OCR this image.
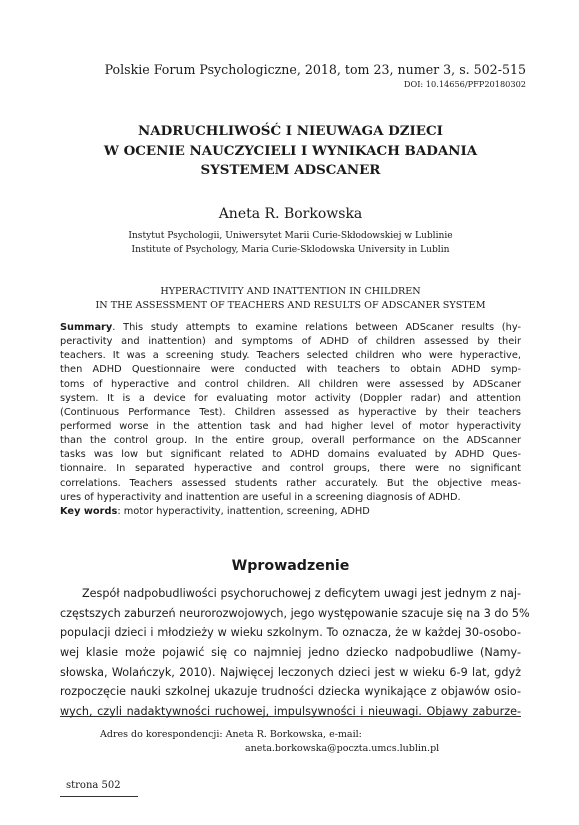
Polskie Forum Psychologiczne, 2018, tom 23, numer 3, s. 502-515
DOI: 10.14656/PFP20180302
NADRUCHLIWOŚĆ I NIEUWAGA DZIECI
W OCENIE NAUCZYCIELI I WYNIKACH BADANIA
SYSTEMEM ADSCANER
Aneta R. Borkowska
Instytut Psychologii, Uniwersytet Marii Curie-Skłodowskiej w Lublinie
Institute of Psychology, Maria Curie-Sklodowska University in Lublin
HYPERACTIVITY AND INATTENTION IN CHILDREN
IN THE ASSESSMENT OF TEACHERS AND RESULTS OF ADSCANER SYSTEM
Summary. This study attempts to examine relations between ADScaner results (hy-
peractivity and inattention) and symptoms of ADHD of children assessed by their
teachers. It was a screening study. Teachers selected children who were hyperactive,
then ADHD Questionnaire were conducted with teachers to obtain ADHD symp-
toms of hyperactive and control children. All children were assessed by ADScaner
system. It is a device for evaluating motor activity (Doppler radar) and attention
(Continuous Performance Test). Children assessed as hyperactive by their teachers
performed worse in the attention task and had higher level of motor hyperactivity
than the control group. In the entire group, overall performance on the ADScanner
tasks was low but significant related to ADHD domains evaluated by ADHD Ques-
tionnaire. In separated hyperactive and control groups, there were no significant
correlations. Teachers assessed students rather accurately. But the objective meas-
ures of hyperactivity and inattention are useful in a screening diagnosis of ADHD.
Key words: motor hyperactivity, inattention, screening, ADHD
Wprowadzenie
Zespół nadpobudliwości psychoruchowej z deficytem uwagi jest jednym z naj-
częstszych zaburzeń neurorozwojowych, jego występowanie szacuje się na 3 do 5%
populacji dzieci i młodzieży w wieku szkolnym. To oznacza, że w każdej 30-osobo-
wej klasie może pojawić się co najmniej jedno dziecko nadpobudliwe (Namy-
słowska, Wolańczyk, 2010). Najwięcej leczonych dzieci jest w wieku 6-9 lat, gdyż
rozpoczęcie nauki szkolnej ukazuje trudności dziecka wynikające z objawów osio-
wych, czyli nadaktywności ruchowej, impulsywności i nieuwagi. Objawy zaburze-
Adres do korespondencji: Aneta R. Borkowska, e-mail:
aneta.borkowska@poczta.umcs.lublin.pl
strona 502
